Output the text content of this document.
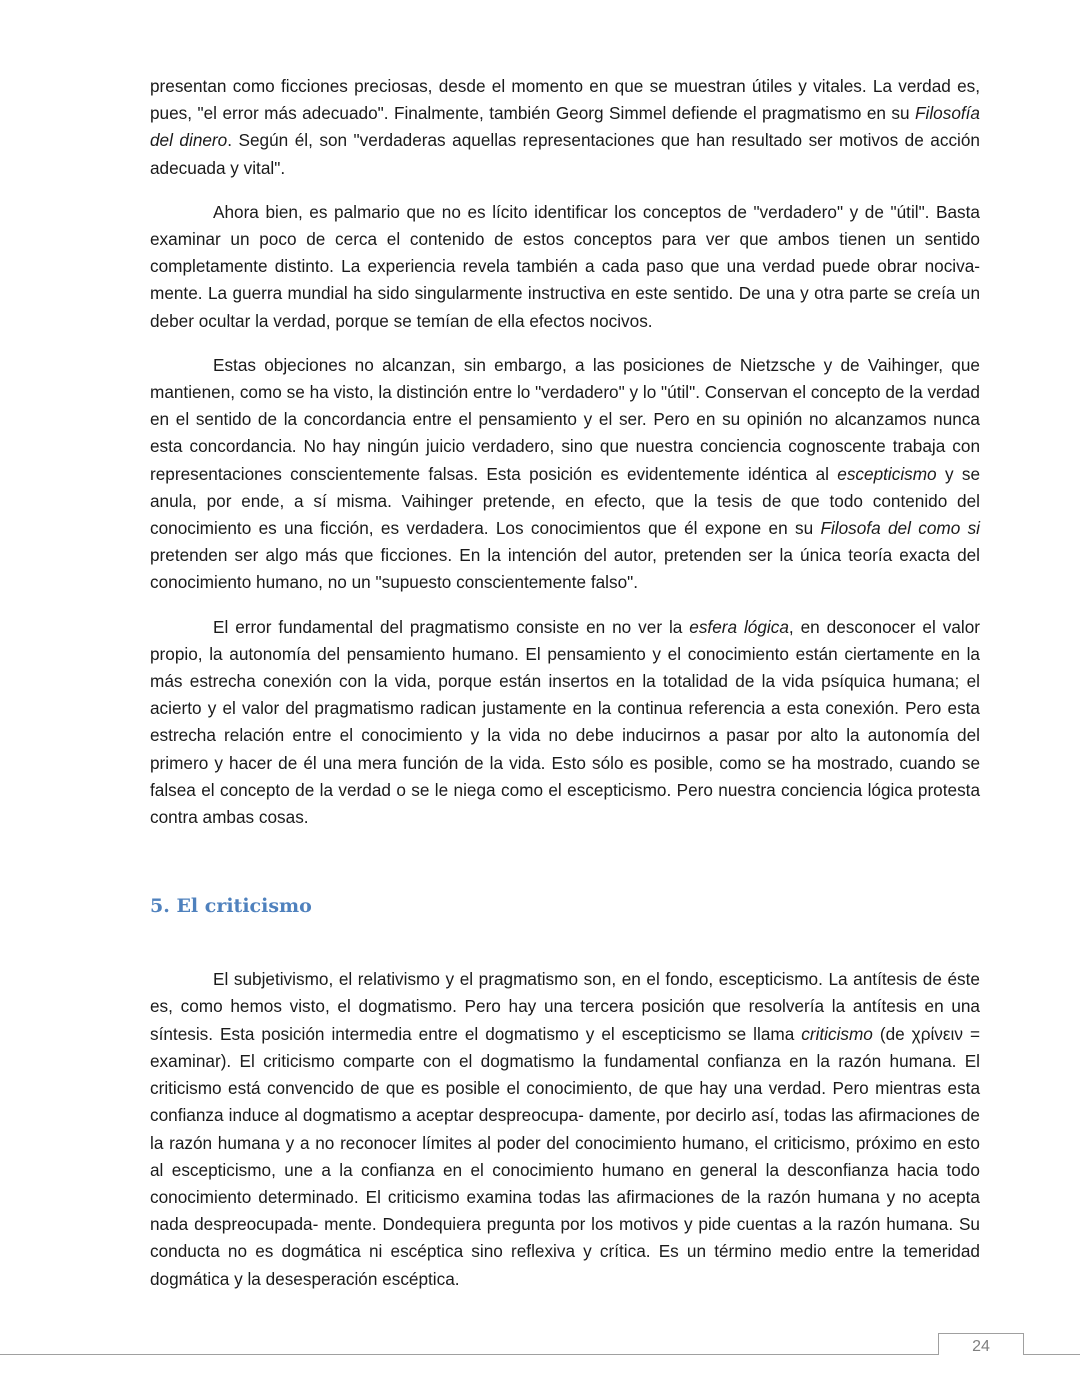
presentan como ficciones preciosas, desde el momento en que se muestran útiles y vitales. La verdad es, pues, "el error más adecuado". Finalmente, también Georg Simmel defiende el pragmatismo en su Filosofía del dinero. Según él, son "verdaderas aquellas representaciones que han resultado ser motivos de acción adecuada y vital".

Ahora bien, es palmario que no es lícito identificar los conceptos de "verdadero" y de "útil". Basta examinar un poco de cerca el contenido de estos conceptos para ver que ambos tienen un sentido completamente distinto. La experiencia revela también a cada paso que una verdad puede obrar nociva- mente. La guerra mundial ha sido singularmente instructiva en este sentido. De una y otra parte se creía un deber ocultar la verdad, porque se temían de ella efectos nocivos.

Estas objeciones no alcanzan, sin embargo, a las posiciones de Nietzsche y de Vaihinger, que mantienen, como se ha visto, la distinción entre lo "verdadero" y lo "útil". Conservan el concepto de la verdad en el sentido de la concordancia entre el pensamiento y el ser. Pero en su opinión no alcanzamos nunca esta concordancia. No hay ningún juicio verdadero, sino que nuestra conciencia cognoscente trabaja con representaciones conscientemente falsas. Esta posición es evidentemente idéntica al escepticismo y se anula, por ende, a sí misma. Vaihinger pretende, en efecto, que la tesis de que todo contenido del conocimiento es una ficción, es verdadera. Los conocimientos que él expone en su Filosofa del como si pretenden ser algo más que ficciones. En la intención del autor, pretenden ser la única teoría exacta del conocimiento humano, no un "supuesto conscientemente falso".

El error fundamental del pragmatismo consiste en no ver la esfera lógica, en desconocer el valor propio, la autonomía del pensamiento humano. El pensamiento y el conocimiento están ciertamente en la más estrecha conexión con la vida, porque están insertos en la totalidad de la vida psíquica humana; el acierto y el valor del pragmatismo radican justamente en la continua referencia a esta conexión. Pero esta estrecha relación entre el conocimiento y la vida no debe inducirnos a pasar por alto la autonomía del primero y hacer de él una mera función de la vida. Esto sólo es posible, como se ha mostrado, cuando se falsea el concepto de la verdad o se le niega como el escepticismo. Pero nuestra conciencia lógica protesta contra ambas cosas.

5. El criticismo

El subjetivismo, el relativismo y el pragmatismo son, en el fondo, escepticismo. La antítesis de éste es, como hemos visto, el dogmatismo. Pero hay una tercera posición que resolvería la antítesis en una síntesis. Esta posición intermedia entre el dogmatismo y el escepticismo se llama criticismo (de χρίνειν = examinar). El criticismo comparte con el dogmatismo la fundamental confianza en la razón humana. El criticismo está convencido de que es posible el conocimiento, de que hay una verdad. Pero mientras esta confianza induce al dogmatismo a aceptar despreocupa- damente, por decirlo así, todas las afirmaciones de la razón humana y a no reconocer límites al poder del conocimiento humano, el criticismo, próximo en esto al escepticismo, une a la confianza en el conocimiento humano en general la desconfianza hacia todo conocimiento determinado. El criticismo examina todas las afirmaciones de la razón humana y no acepta nada despreocupada- mente. Dondequiera pregunta por los motivos y pide cuentas a la razón humana. Su conducta no es dogmática ni escéptica sino reflexiva y crítica. Es un término medio entre la temeridad dogmática y la desesperación escéptica.

24
